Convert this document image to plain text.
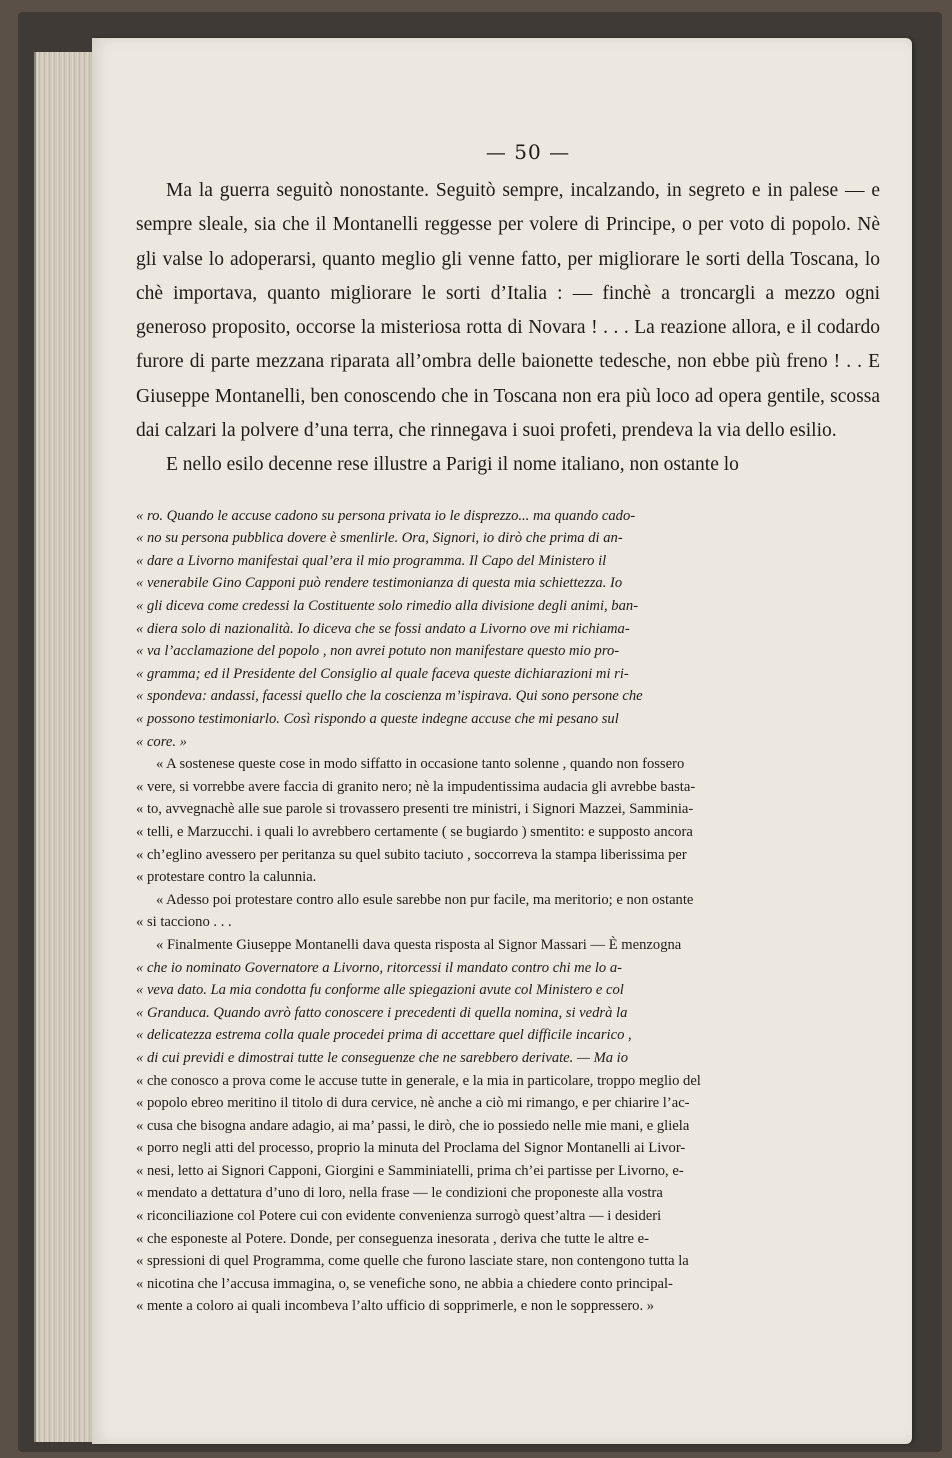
— 50 —

Ma la guerra seguitò nonostante. Seguitò sempre, incalzando, in segreto e in palese — e sempre sleale, sia che il Montanelli reggesse per volere di Principe, o per voto di popolo. Nè gli valse lo adoperarsi, quanto meglio gli venne fatto, per migliorare le sorti della Toscana, lo chè importava, quanto migliorare le sorti d’Italia : — finchè a troncargli a mezzo ogni generoso proposito, occorse la misteriosa rotta di Novara ! . . . La reazione allora, e il codardo furore di parte mezzana riparata all’ombra delle baionette tedesche, non ebbe più freno ! . . E Giuseppe Montanelli, ben conoscendo che in Toscana non era più loco ad opera gentile, scossa dai calzari la polvere d’una terra, che rinnegava i suoi profeti, prendeva la via dello esilio.

E nello esilo decenne rese illustre a Parigi il nome italiano, non ostante lo

« ro. Quando le accuse cadono su persona privata io le disprezzo... ma quando cado-

« no su persona pubblica dovere è smenlirle. Ora, Signori, io dirò che prima di an-

« dare a Livorno manifestai qual’era il mio programma. Il Capo del Ministero il

« venerabile Gino Capponi può rendere testimonianza di questa mia schiettezza. Io

« gli diceva come credessi la Costituente solo rimedio alla divisione degli animi, ban-

« diera solo di nazionalità. Io diceva che se fossi andato a Livorno ove mi richiama-

« va l’acclamazione del popolo , non avrei potuto non manifestare questo mio pro-

« gramma; ed il Presidente del Consiglio al quale faceva queste dichiarazioni mi ri-

« spondeva: andassi, facessi quello che la coscienza m’ispirava. Qui sono persone che

« possono testimoniarlo. Così rispondo a queste indegne accuse che mi pesano sul

« core. »

« A sostenese queste cose in modo siffatto in occasione tanto solenne , quando non fossero

« vere, si vorrebbe avere faccia di granito nero; nè la impudentissima audacia gli avrebbe basta-

« to, avvegnachè alle sue parole si trovassero presenti tre ministri, i Signori Mazzei, Samminia-

« telli, e Marzucchi. i quali lo avrebbero certamente ( se bugiardo ) smentito: e supposto ancora

« ch’eglino avessero per peritanza su quel subito taciuto , soccorreva la stampa liberissima per

« protestare contro la calunnia.

« Adesso poi protestare contro allo esule sarebbe non pur facile, ma meritorio; e non ostante

« si tacciono . . .

« Finalmente Giuseppe Montanelli dava questa risposta al Signor Massari — È menzogna

« che io nominato Governatore a Livorno, ritorcessi il mandato contro chi me lo a-

« veva dato. La mia condotta fu conforme alle spiegazioni avute col Ministero e col

« Granduca. Quando avrò fatto conoscere i precedenti di quella nomina, si vedrà la

« delicatezza estrema colla quale procedei prima di accettare quel difficile incarico ,

« di cui previdi e dimostrai tutte le conseguenze che ne sarebbero derivate. — Ma io

« che conosco a prova come le accuse tutte in generale, e la mia in particolare, troppo meglio del

« popolo ebreo meritino il titolo di dura cervice, nè anche a ciò mi rimango, e per chiarire l’ac-

« cusa che bisogna andare adagio, ai ma’ passi, le dirò, che io possiedo nelle mie mani, e gliela

« porro negli atti del processo, proprio la minuta del Proclama del Signor Montanelli ai Livor-

« nesi, letto ai Signori Capponi, Giorgini e Samminiatelli, prima ch’ei partisse per Livorno, e-

« mendato a dettatura d’uno di loro, nella frase — le condizioni che proponeste alla vostra

« riconciliazione col Potere cui con evidente convenienza surrogò quest’altra — i desideri

« che esponeste al Potere. Donde, per conseguenza inesorata , deriva che tutte le altre e-

« spressioni di quel Programma, come quelle che furono lasciate stare, non contengono tutta la

« nicotina che l’accusa immagina, o, se venefiche sono, ne abbia a chiedere conto principal-

« mente a coloro ai quali incombeva l’alto ufficio di sopprimerle, e non le soppressero. »
